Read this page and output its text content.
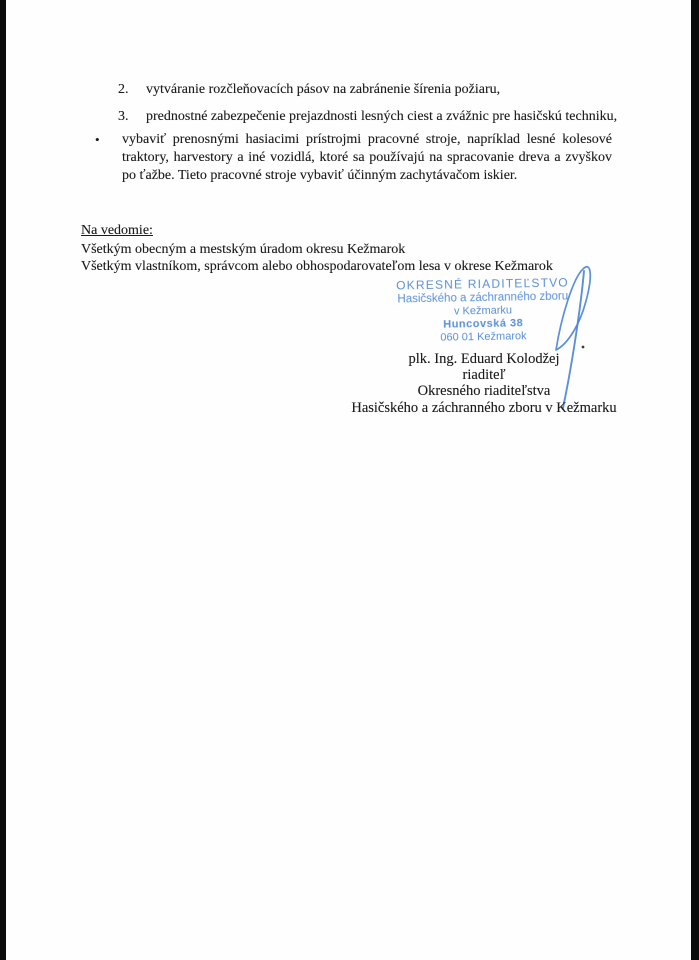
2.	vytváranie rozčleňovacích pásov na zabránenie šírenia požiaru,
3.	prednostné zabezpečenie prejazdnosti lesných ciest a zvážnic pre hasičskú techniku,
•	vybaviť prenosnými hasiacimi prístrojmi pracovné stroje, napríklad lesné kolesové traktory, harvestory a iné vozidlá, ktoré sa používajú na spracovanie dreva a zvyškov po ťažbe. Tieto pracovné stroje vybaviť účinným zachytávačom iskier.
Na vedomie:
Všetkým obecným a mestským úradom okresu Kežmarok
Všetkým vlastníkom, správcom alebo obhospodarovateľom lesa v okrese Kežmarok
OKRESNÉ RIADITEĽSTVO
Hasičského a záchranného zboru
v Kežmarku
Huncovská 38
060 01 Kežmarok
plk. Ing. Eduard Kolodžej
riaditeľ
Okresného riaditeľstva
Hasičského a záchranného zboru v Kežmarku
